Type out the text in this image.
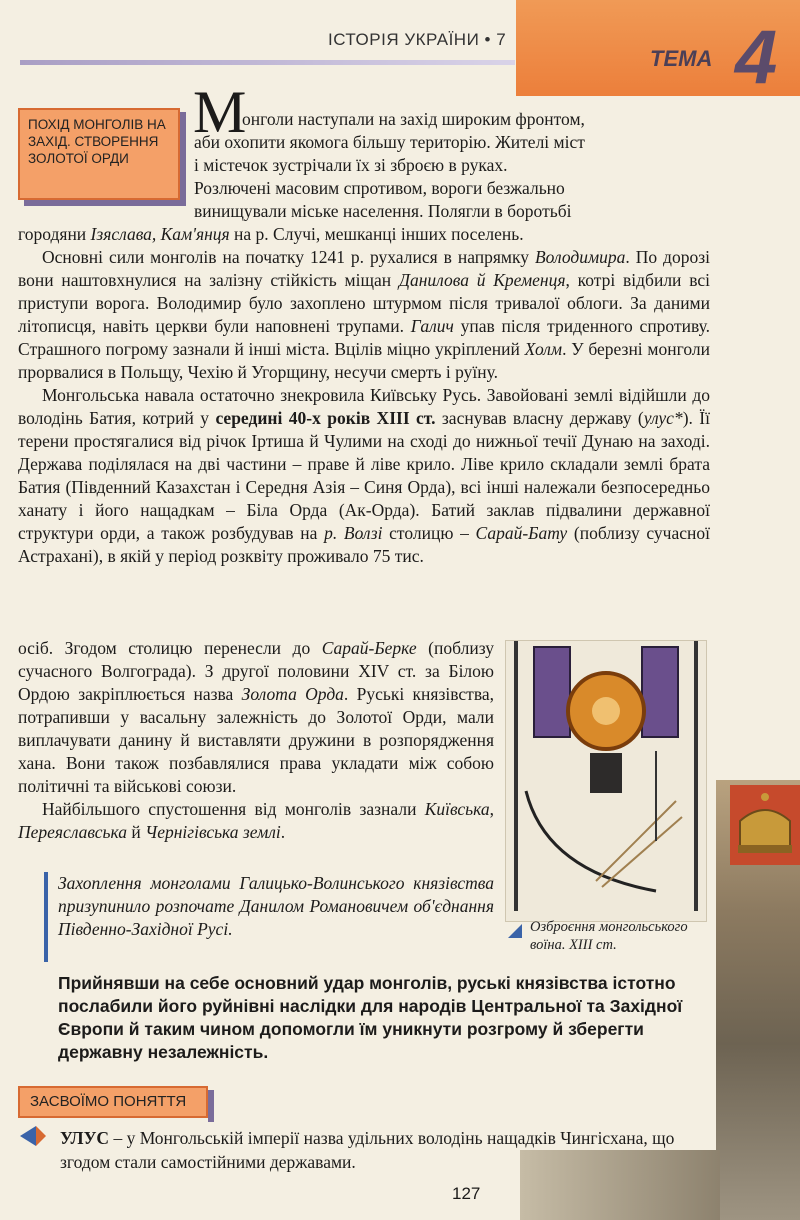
ТЕМА 4
ІСТОРІЯ УКРАЇНИ • 7
ПОХІД МОНГОЛІВ НА ЗАХІД. СТВОРЕННЯ ЗОЛОТОЇ ОРДИ
М
онголи наступали на захід широким фронтом,
аби охопити якомога більшу територію. Жителі міст
і містечок зустрічали їх зі зброєю в руках.
Розлючені масовим спротивом, вороги безжально
винищували міське населення. Полягли в боротьбі

городяни Ізяслава, Кам'янця на р. Случі, мешканці інших поселень.

Основні сили монголів на початку 1241 р. рухалися в напрямку Володимира. По дорозі вони наштовхнулися на залізну стійкість міщан Данилова й Кременця, котрі відбили всі приступи ворога. Володимир було захоплено штурмом після тривалої облоги. За даними літописця, навіть церкви були наповнені трупами. Галич упав після триденного спротиву. Страшного погрому зазнали й інші міста. Вцілів міцно укріплений Холм. У березні монголи прорвалися в Польщу, Чехію й Угорщину, несучи смерть і руїну.

Монгольська навала остаточно знекровила Київську Русь. Завойовані землі відійшли до володінь Батия, котрий у середині 40-х років XIII ст. заснував власну державу (улус*). Її терени простягалися від річок Іртиша й Чулими на сході до нижньої течії Дунаю на заході. Держава поділялася на дві частини – праве й ліве крило. Ліве крило складали землі брата Батия (Південний Казахстан і Середня Азія – Синя Орда), всі інші належали безпосередньо ханату і його нащадкам – Біла Орда (Ак-Орда). Батий заклав підвалини державної структури орди, а також розбудував на р. Волзі столицю – Сарай-Бату (поблизу сучасної Астрахані), в якій у період розквіту проживало 75 тис.

осіб. Згодом столицю перенесли до Сарай-Берке (поблизу сучасного Волгограда). З другої половини XIV ст. за Білою Ордою закріплюється назва Золота Орда. Руські князівства, потрапивши у васальну залежність до Золотої Орди, мали виплачувати данину й виставляти дружини в розпорядження хана. Вони також позбавлялися права укладати між собою політичні та військові союзи.

Найбільшого спустошення від монголів зазнали Київська, Переяславська й Чернігівська землі.

Захоплення монголами Галицько-Волинського князівства призупинило розпочате Данилом Романовичем об'єднання Південно-Західної Русі.	Озброєння монгольського воїна. XIII ст.
Прийнявши на себе основний удар монголів, руські князівства істотно послабили його руйнівні наслідки для народів Центральної та Західної Європи й таким чином допомогли їм уникнути розгрому й зберегти державну незалежність.
ЗАСВОЇМО ПОНЯТТЯ
УЛУС – у Монгольській імперії назва удільних володінь нащадків Чингісхана, що згодом стали самостійними державами.
127
